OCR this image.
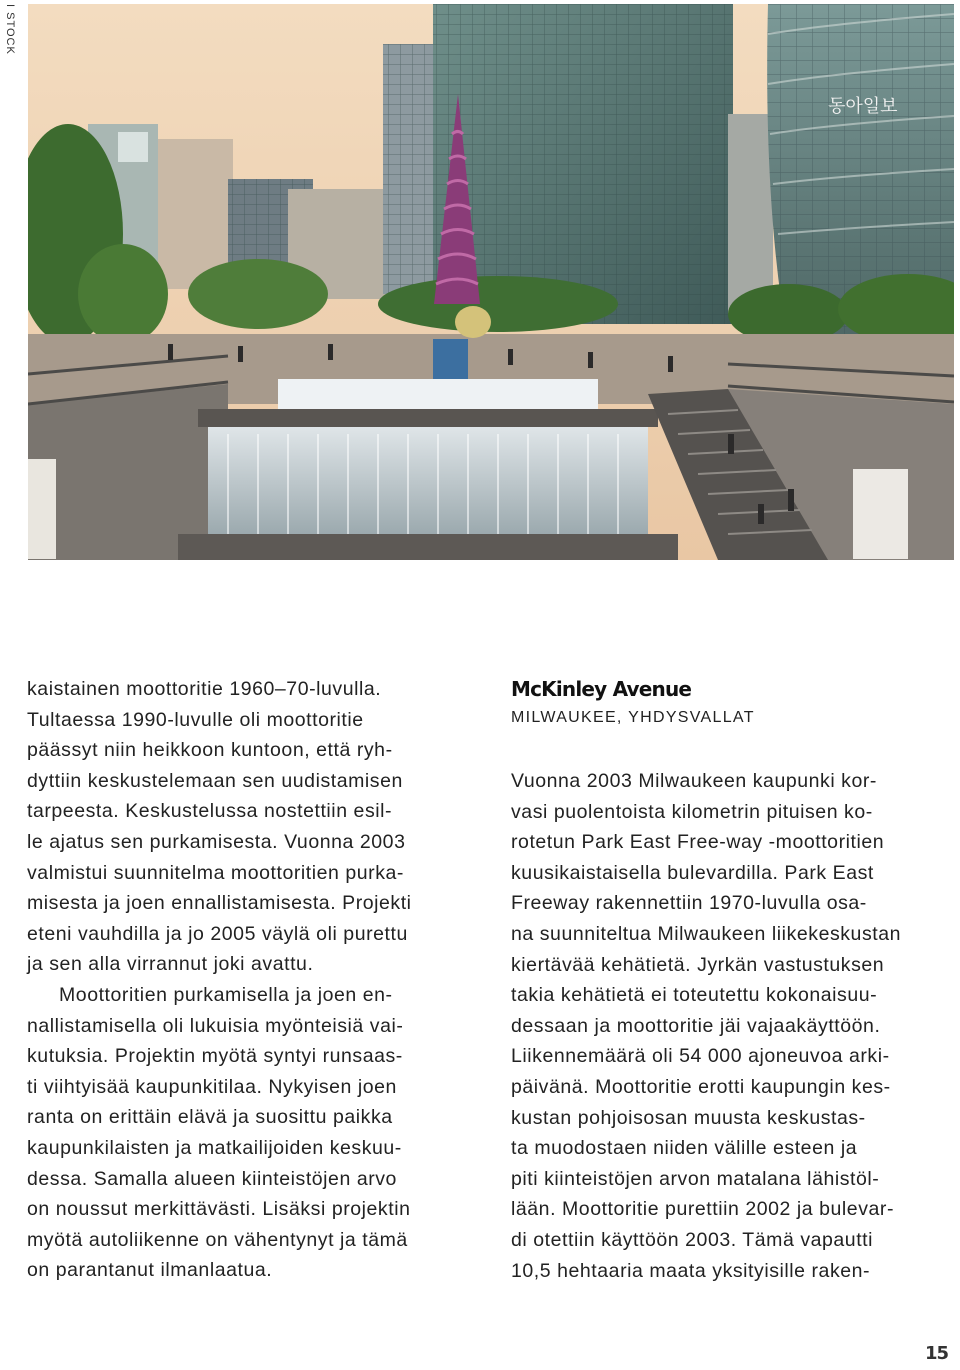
I STOCK
동아일보

kaistainen moottoritie 1960–70-luvulla.
Tultaessa 1990-luvulle oli moottoritie
päässyt niin heikkoon kuntoon, että ryh-
dyttiin keskustelemaan sen uudistamisen
tarpeesta. Keskustelussa nostettiin esil-
le ajatus sen purkamisesta. Vuonna 2003
valmistui suunnitelma moottoritien purka-
misesta ja joen ennallistamisesta. Projekti
eteni vauhdilla ja jo 2005 väylä oli purettu
ja sen alla virrannut joki avattu.

Moottoritien purkamisella ja joen en-
nallistamisella oli lukuisia myönteisiä vai-
kutuksia. Projektin myötä syntyi runsaas-
ti viihtyisää kaupunkitilaa. Nykyisen joen
ranta on erittäin elävä ja suosittu paikka
kaupunkilaisten ja matkailijoiden keskuu-
dessa. Samalla alueen kiinteistöjen arvo
on noussut merkittävästi. Lisäksi projektin
myötä autoliikenne on vähentynyt ja tämä
on parantanut ilmanlaatua.

McKinley Avenue
MILWAUKEE, YHDYSVALLAT

Vuonna 2003 Milwaukeen kaupunki kor-
vasi puolentoista kilometrin pituisen ko-
rotetun Park East Free-way -moottoritien
kuusikaistaisella bulevardilla. Park East
Freeway rakennettiin 1970-luvulla osa-
na suunniteltua Milwaukeen liikekeskustan
kiertävää kehätietä. Jyrkän vastustuksen
takia kehätietä ei toteutettu kokonaisuu-
dessaan ja moottoritie jäi vajaakäyttöön.
Liikennemäärä oli 54 000 ajoneuvoa arki-
päivänä. Moottoritie erotti kaupungin kes-
kustan pohjoisosan muusta keskustas-
ta muodostaen niiden välille esteen ja
piti kiinteistöjen arvon matalana lähistöl-
lään. Moottoritie purettiin 2002 ja bulevar-
di otettiin käyttöön 2003. Tämä vapautti
10,5 hehtaaria maata yksityisille raken-

15
